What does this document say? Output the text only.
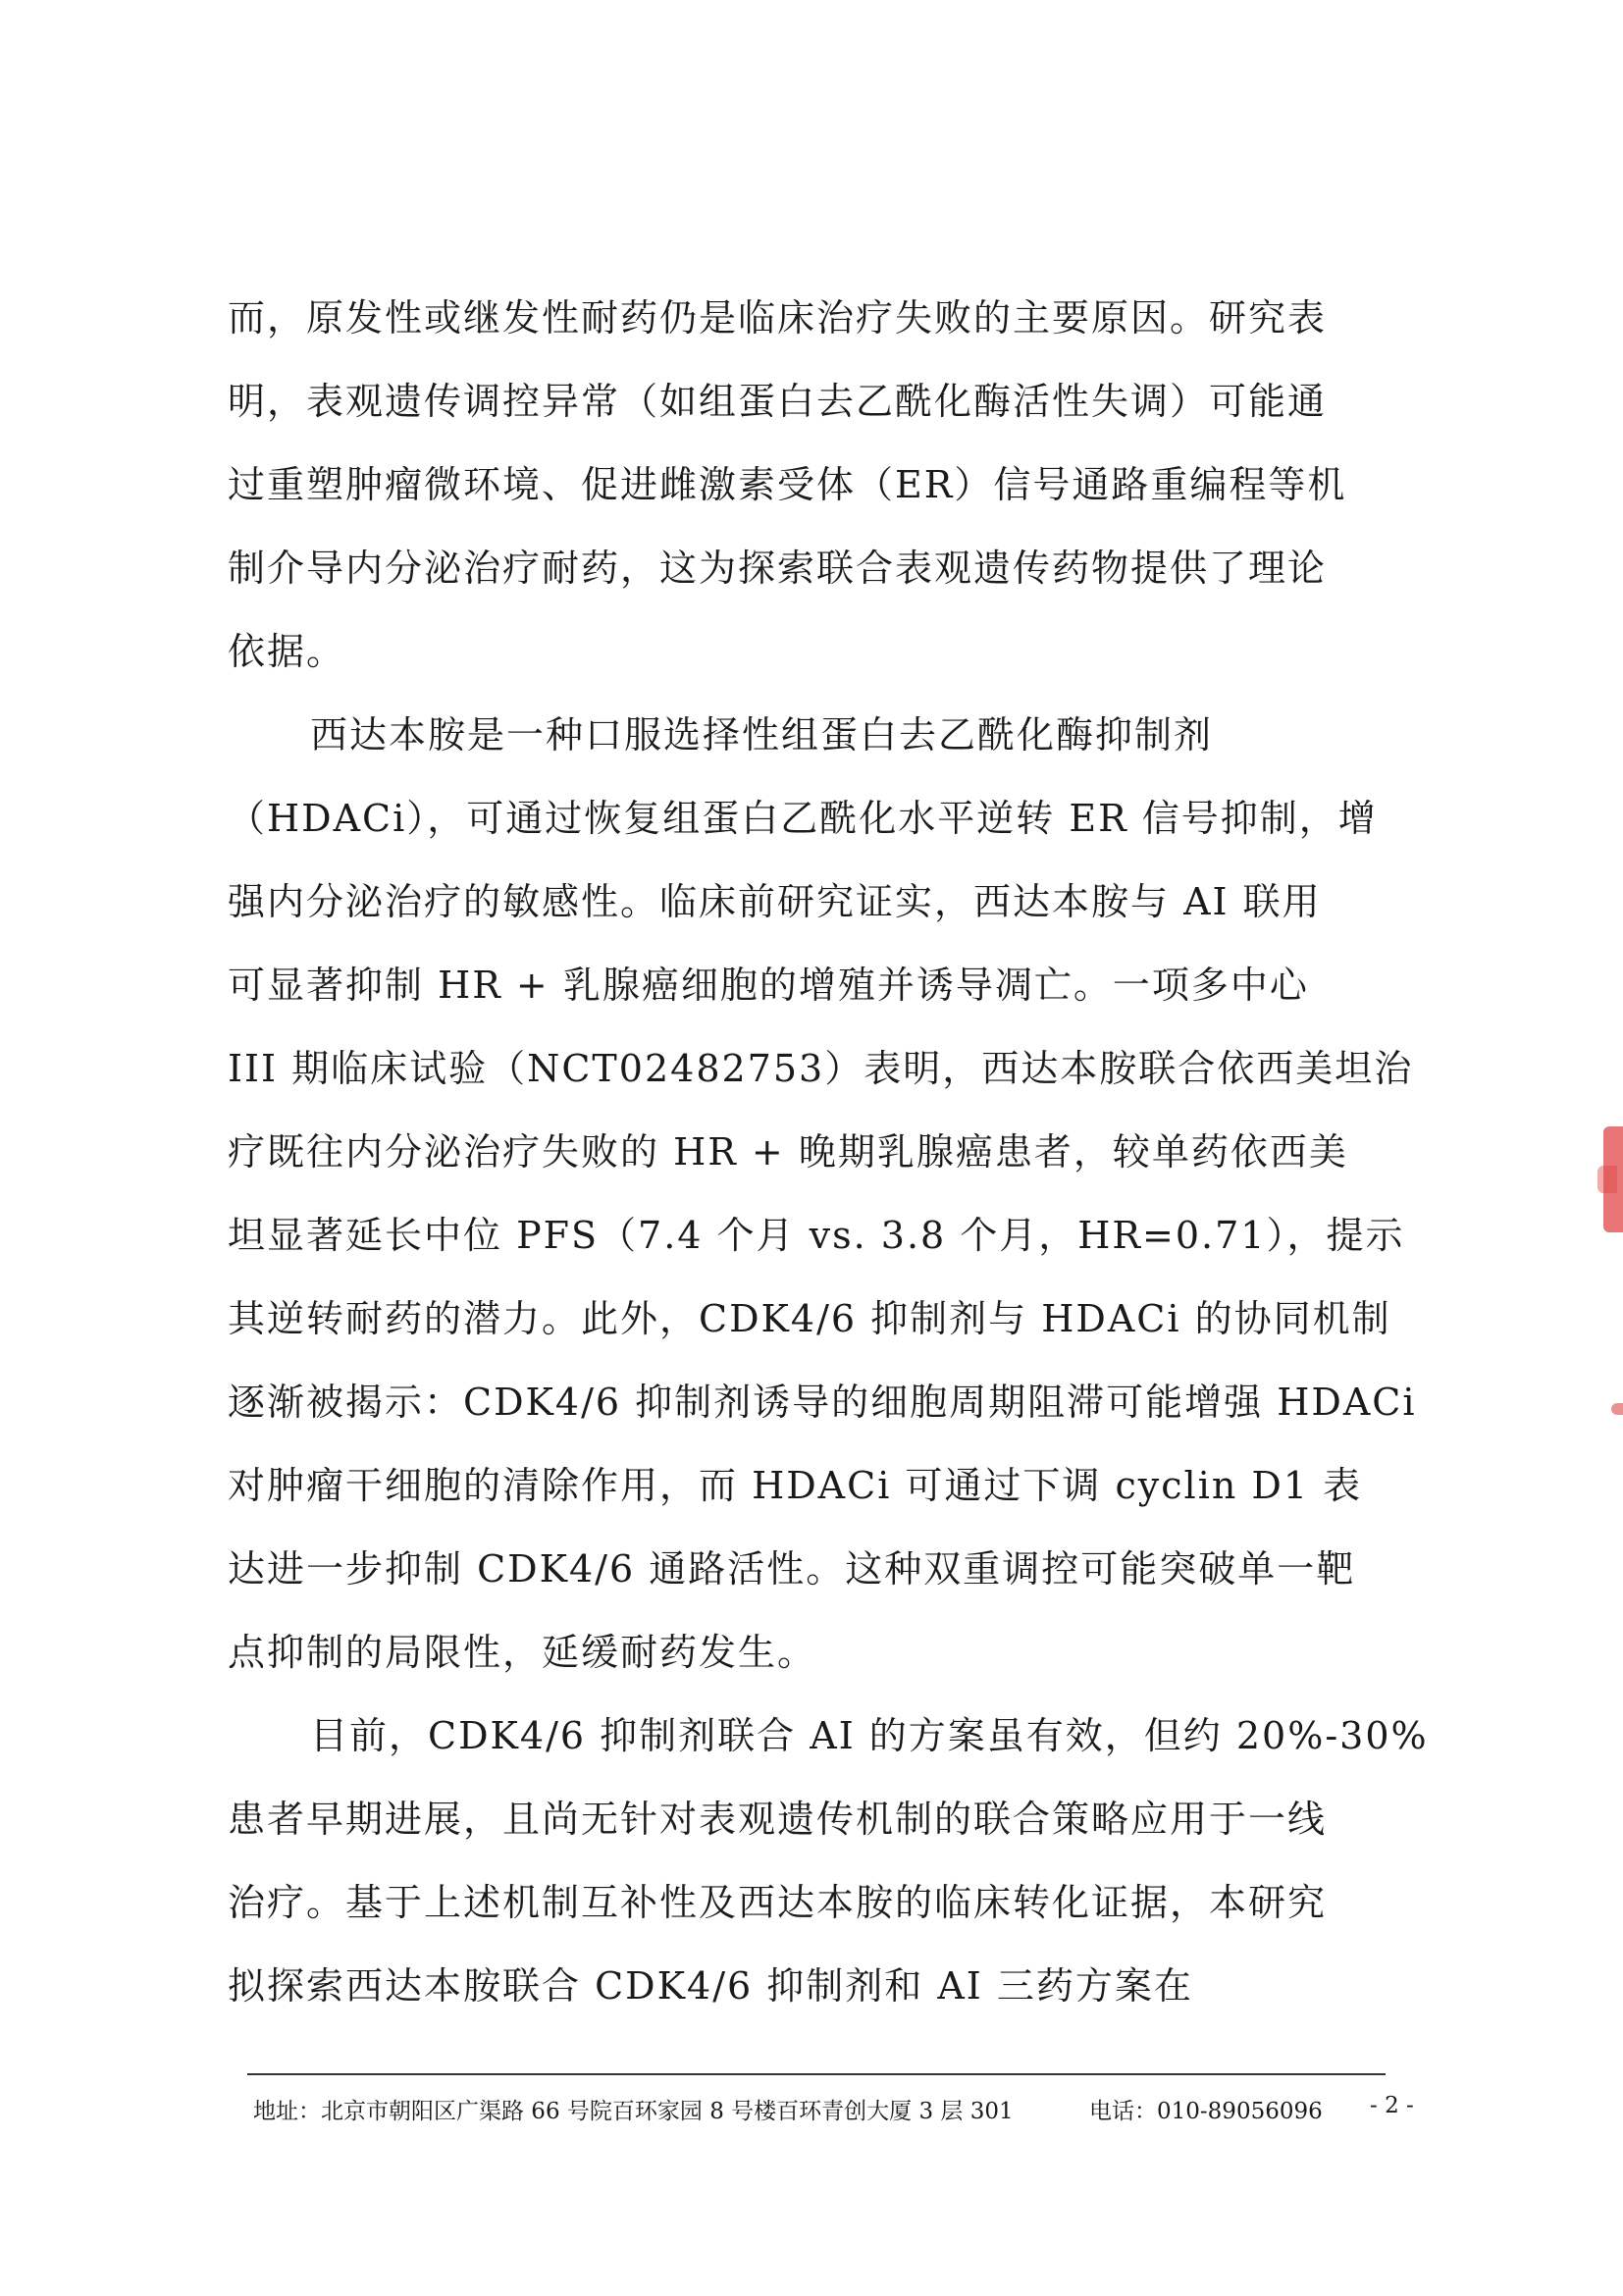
而，原发性或继发性耐药仍是临床治疗失败的主要原因。研究表
明，表观遗传调控异常（如组蛋白去乙酰化酶活性失调）可能通
过重塑肿瘤微环境、促进雌激素受体（ER）信号通路重编程等机
制介导内分泌治疗耐药，这为探索联合表观遗传药物提供了理论
依据。

西达本胺是一种口服选择性组蛋白去乙酰化酶抑制剂
（HDACi），可通过恢复组蛋白乙酰化水平逆转 ER 信号抑制，增
强内分泌治疗的敏感性。临床前研究证实，西达本胺与 AI 联用
可显著抑制 HR + 乳腺癌细胞的增殖并诱导凋亡。一项多中心
III 期临床试验（NCT02482753）表明，西达本胺联合依西美坦治
疗既往内分泌治疗失败的 HR + 晚期乳腺癌患者，较单药依西美
坦显著延长中位 PFS（7.4 个月 vs. 3.8 个月，HR=0.71），提示
其逆转耐药的潜力。此外，CDK4/6 抑制剂与 HDACi 的协同机制
逐渐被揭示：CDK4/6 抑制剂诱导的细胞周期阻滞可能增强 HDACi
对肿瘤干细胞的清除作用，而 HDACi 可通过下调 cyclin D1 表
达进一步抑制 CDK4/6 通路活性。这种双重调控可能突破单一靶
点抑制的局限性，延缓耐药发生。

目前，CDK4/6 抑制剂联合 AI 的方案虽有效，但约 20%-30%
患者早期进展，且尚无针对表观遗传机制的联合策略应用于一线
治疗。基于上述机制互补性及西达本胺的临床转化证据，本研究
拟探索西达本胺联合 CDK4/6 抑制剂和 AI 三药方案在

地址：北京市朝阳区广渠路 66 号院百环家园 8 号楼百环青创大厦 3 层 301	电话：010-89056096 - 2 -
